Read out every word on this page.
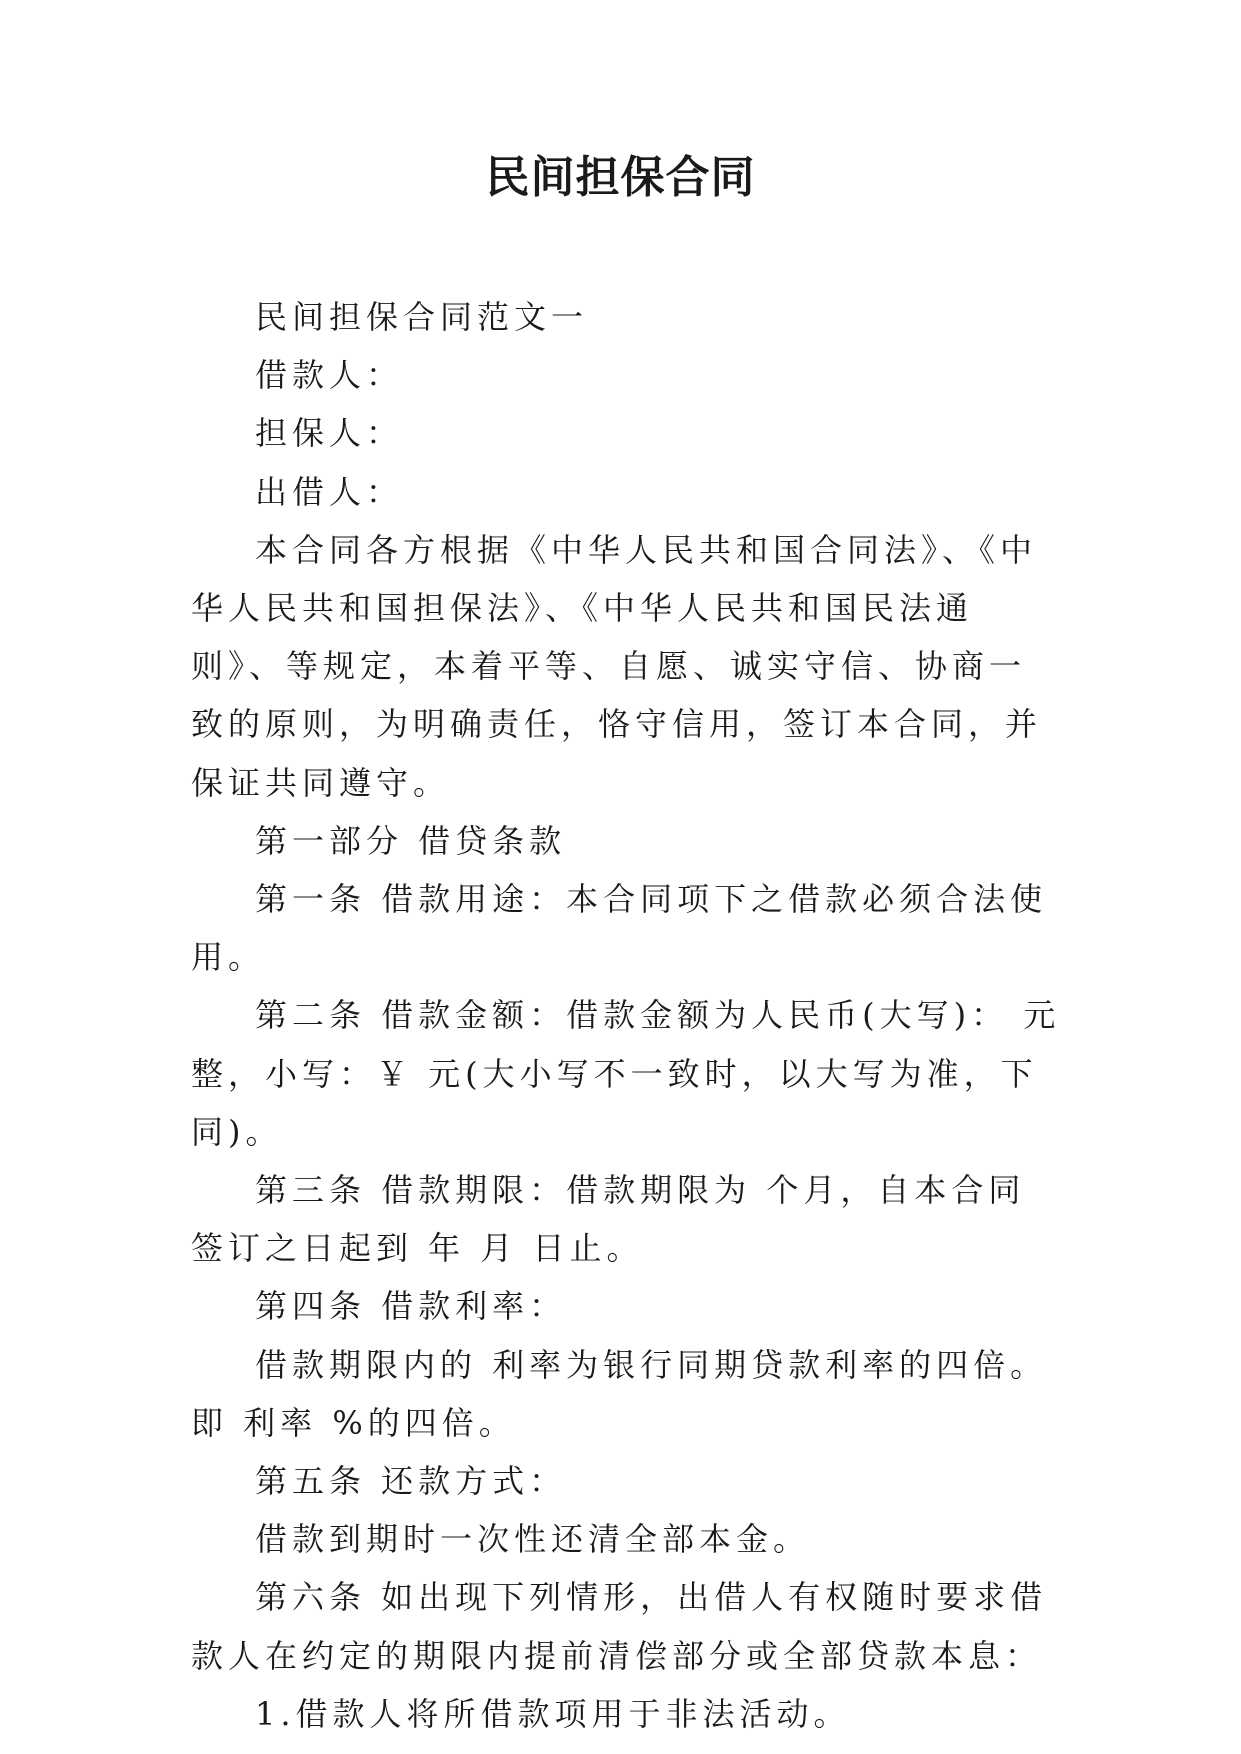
民间担保合同

民间担保合同范文一

借款人：

担保人：

出借人：

本合同各方根据《中华人民共和国合同法》、《中华人民共和国担保法》、《中华人民共和国民法通则》、等规定，本着平等、自愿、诚实守信、协商一致的原则，为明确责任，恪守信用，签订本合同，并保证共同遵守。

第一部分 借贷条款

第一条 借款用途：本合同项下之借款必须合法使用。

第二条 借款金额：借款金额为人民币(大写)： 元整，小写：￥ 元(大小写不一致时，以大写为准，下同)。

第三条 借款期限：借款期限为 个月，自本合同签订之日起到 年 月 日止。

第四条 借款利率：

借款期限内的 利率为银行同期贷款利率的四倍。即 利率 %的四倍。

第五条 还款方式：

借款到期时一次性还清全部本金。

第六条 如出现下列情形，出借人有权随时要求借款人在约定的期限内提前清偿部分或全部贷款本息：

1.借款人将所借款项用于非法活动。
